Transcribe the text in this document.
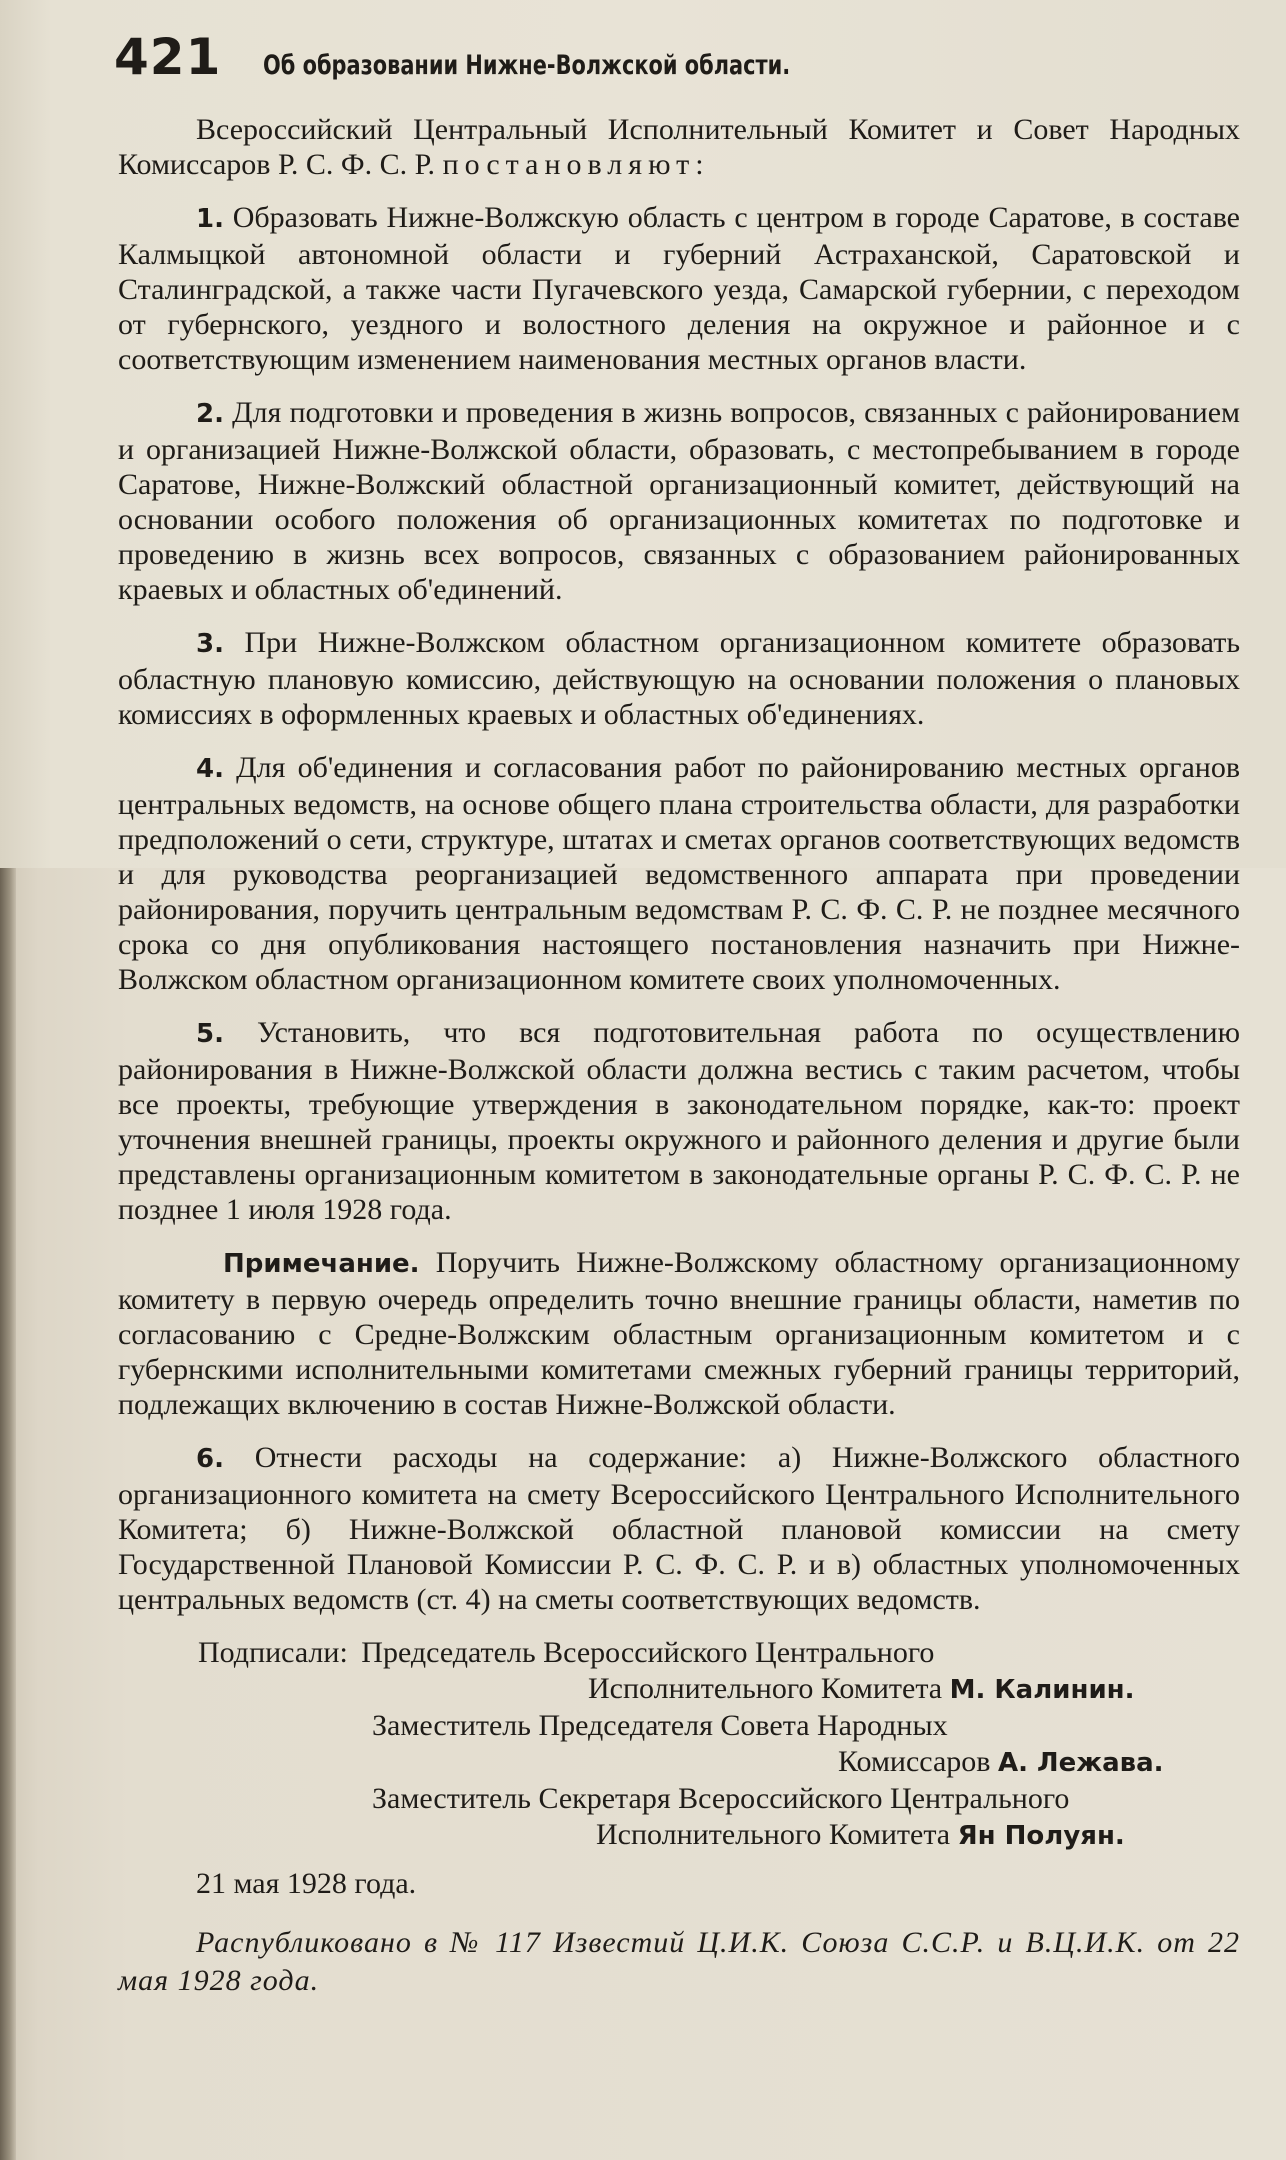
421 Об образовании Нижне-Волжской области.

Всероссийский Центральный Исполнительный Комитет и Совет Народных Комиссаров Р. С. Ф. С. Р. постановляют:

1. Образовать Нижне-Волжскую область с центром в городе Саратове, в составе Калмыцкой автономной области и губерний Астраханской, Саратовской и Сталинградской, а также части Пугачевского уезда, Самарской губернии, с переходом от губернского, уездного и волостного деления на окружное и районное и с соответствующим изменением наименования местных органов власти.

2. Для подготовки и проведения в жизнь вопросов, связанных с районированием и организацией Нижне-Волжской области, образовать, с местопребыванием в городе Саратове, Нижне-Волжский областной организационный комитет, действующий на основании особого положения об организационных комитетах по подготовке и проведению в жизнь всех вопросов, связанных с образованием районированных краевых и областных об'единений.

3. При Нижне-Волжском областном организационном комитете образовать областную плановую комиссию, действующую на основании положения о плановых комиссиях в оформленных краевых и областных об'единениях.

4. Для об'единения и согласования работ по районированию местных органов центральных ведомств, на основе общего плана строительства области, для разработки предположений о сети, структуре, штатах и сметах органов соответствующих ведомств и для руководства реорганизацией ведомственного аппарата при проведении районирования, поручить центральным ведомствам Р. С. Ф. С. Р. не позднее месячного срока со дня опубликования настоящего постановления назначить при Нижне-Волжском областном организационном комитете своих уполномоченных.

5. Установить, что вся подготовительная работа по осуществлению районирования в Нижне-Волжской области должна вестись с таким расчетом, чтобы все проекты, требующие утверждения в законодательном порядке, как-то: проект уточнения внешней границы, проекты окружного и районного деления и другие были представлены организационным комитетом в законодательные органы Р. С. Ф. С. Р. не позднее 1 июля 1928 года.

Примечание. Поручить Нижне-Волжскому областному организационному комитету в первую очередь определить точно внешние границы области, наметив по согласованию с Средне-Волжским областным организационным комитетом и с губернскими исполнительными комитетами смежных губерний границы территорий, подлежащих включению в состав Нижне-Волжской области.

6. Отнести расходы на содержание: а) Нижне-Волжского областного организационного комитета на смету Всероссийского Центрального Исполнительного Комитета; б) Нижне-Волжской областной плановой комиссии на смету Государственной Плановой Комиссии Р. С. Ф. С. Р. и в) областных уполномоченных центральных ведомств (ст. 4) на сметы соответствующих ведомств.

Подписали: Председатель Всероссийского Центрального
Исполнительного Комитета М. Калинин.
Заместитель Председателя Совета Народных
Комиссаров А. Лежава.
Заместитель Секретаря Всероссийского Центрального
Исполнительного Комитета Ян Полуян.

21 мая 1928 года.

Распубликовано в № 117 Известий Ц.И.К. Союза С.С.Р. и В.Ц.И.К. от 22 мая 1928 года.
